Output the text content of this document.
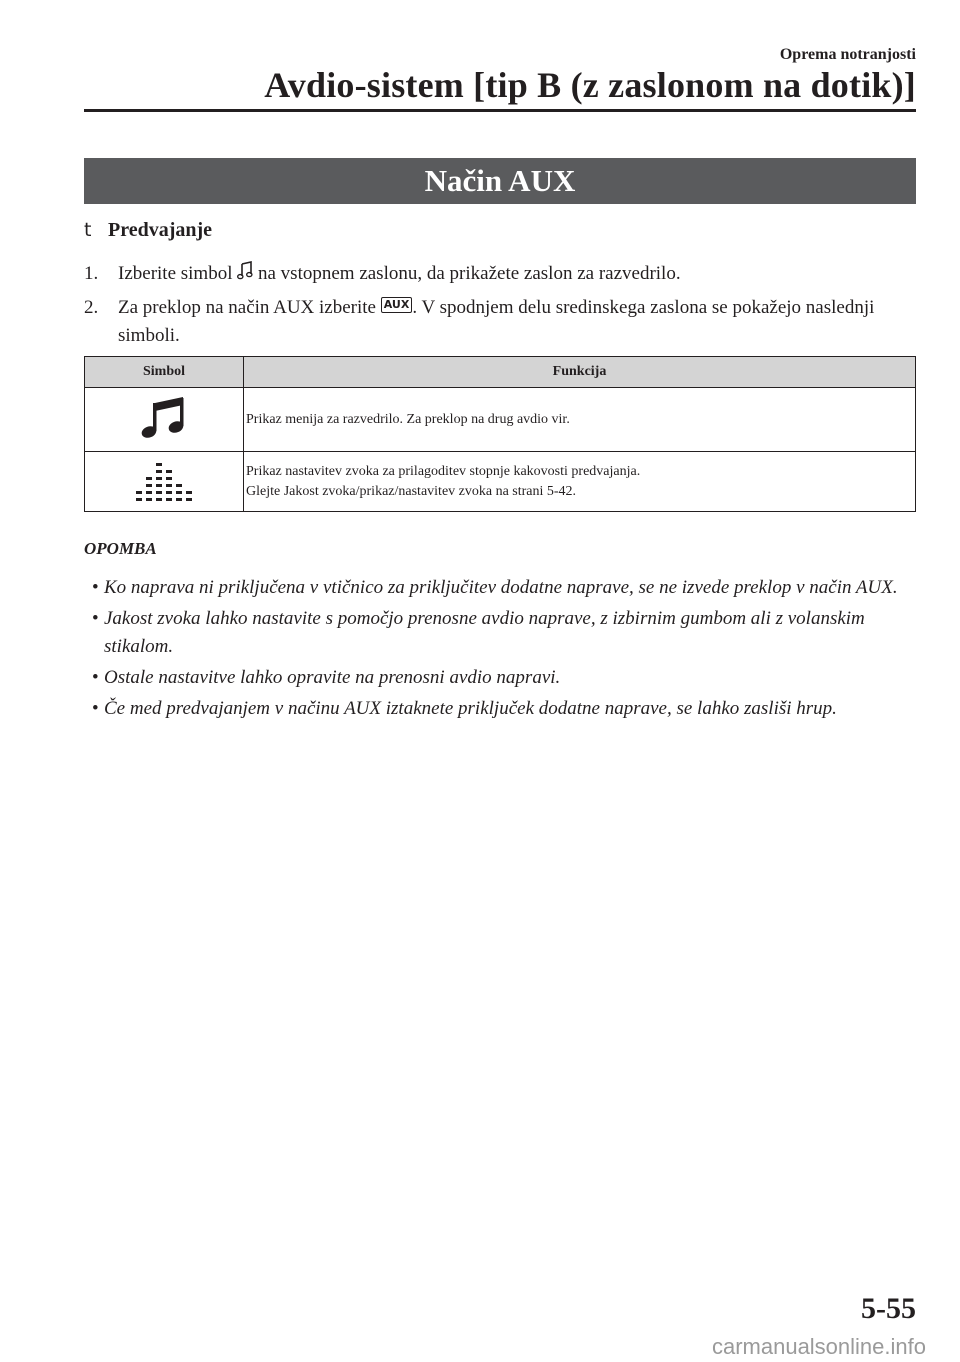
Oprema notranjosti
Avdio-sistem [tip B (z zaslonom na dotik)]
Način AUX
t Predvajanje
1.	Izberite simbol  na vstopnem zaslonu, da prikažete zaslon za razvedrilo.
2.	Za preklop na način AUX izberite AUX . V spodnjem delu sredinskega zaslona se pokažejo naslednji simboli.
Simbol	Funkcija

Prikaz menija za razvedrilo. Za preklop na drug avdio vir.

Prikaz nastavitev zvoka za prilagoditev stopnje kakovosti predvajanja.
Glejte Jakost zvoka/prikaz/nastavitev zvoka na strani 5-42.
OPOMBA
• Ko naprava ni priključena v vtičnico za priključitev dodatne naprave, se ne izvede preklop v način AUX.
• Jakost zvoka lahko nastavite s pomočjo prenosne avdio naprave, z izbirnim gumbom ali z volanskim stikalom.
• Ostale nastavitve lahko opravite na prenosni avdio napravi.
• Če med predvajanjem v načinu AUX iztaknete priključek dodatne naprave, se lahko zasliši hrup.
5-55
carmanualsonline.info
